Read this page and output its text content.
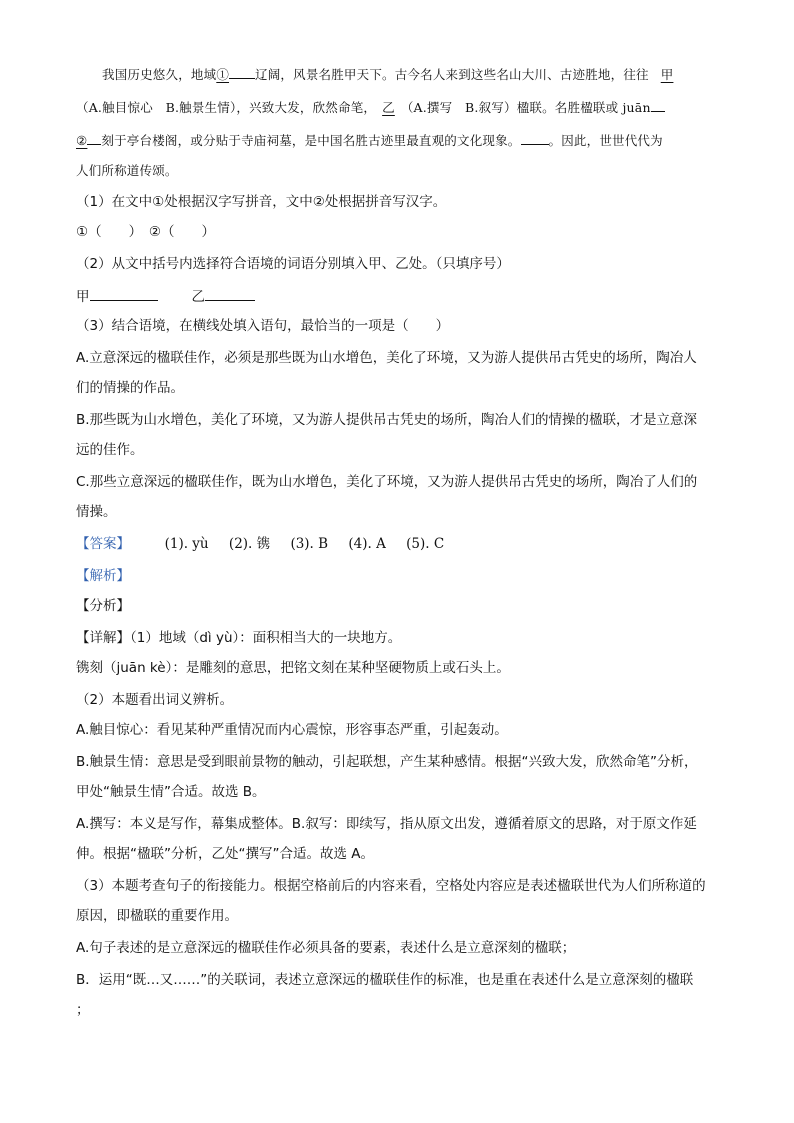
我国历史悠久，地域① 辽阔，风景名胜甲天下。古今名人来到这些名山大川、古迹胜地，往往 甲
（A.触目惊心　B.触景生情），兴致大发，欣然命笔， 乙 （A.撰写　B.叙写）楹联。名胜楹联或 juān
② 刻于亭台楼阁，或分贴于寺庙祠墓，是中国名胜古迹里最直观的文化现象。 。因此，世世代代为
人们所称道传颂。
（1）在文中①处根据汉字写拼音，文中②处根据拼音写汉字。
①（　　）　②（　　）
（2）从文中括号内选择符合语境的词语分别填入甲、乙处。（只填序号）
甲	乙
（3）结合语境，在横线处填入语句，最恰当的一项是（　　）
A.立意深远的楹联佳作，必须是那些既为山水增色，美化了环境，又为游人提供吊古凭史的场所，陶冶人
们的情操的作品。
B.那些既为山水增色，美化了环境，又为游人提供吊古凭史的场所，陶冶人们的情操的楹联，才是立意深
远的佳作。
C.那些立意深远的楹联佳作，既为山水增色，美化了环境，又为游人提供吊古凭史的场所，陶冶了人们的
情操。
【答案】	(1). yù (2). 镌 (3). B (4). A (5). C
【解析】
【分析】
【详解】（1）地域（dì yù）：面积相当大的一块地方。
镌刻（juān kè）：是雕刻的意思，把铭文刻在某种坚硬物质上或石头上。
（2）本题看出词义辨析。
A.触目惊心：看见某种严重情况而内心震惊，形容事态严重，引起轰动。
B.触景生情：意思是受到眼前景物的触动，引起联想，产生某种感情。根据“兴致大发，欣然命笔”分析，
甲处“触景生情”合适。故选 B。
A.撰写：本义是写作，幕集成整体。B.叙写：即续写，指从原文出发，遵循着原文的思路，对于原文作延
伸。根据“楹联”分析，乙处“撰写”合适。故选 A。
（3）本题考查句子的衔接能力。根据空格前后的内容来看，空格处内容应是表述楹联世代为人们所称道的
原因，即楹联的重要作用。
A.句子表述的是立意深远的楹联佳作必须具备的要素，表述什么是立意深刻的楹联；
B．运用“既…又……”的关联词，表述立意深远的楹联佳作的标准，也是重在表述什么是立意深刻的楹联
；
